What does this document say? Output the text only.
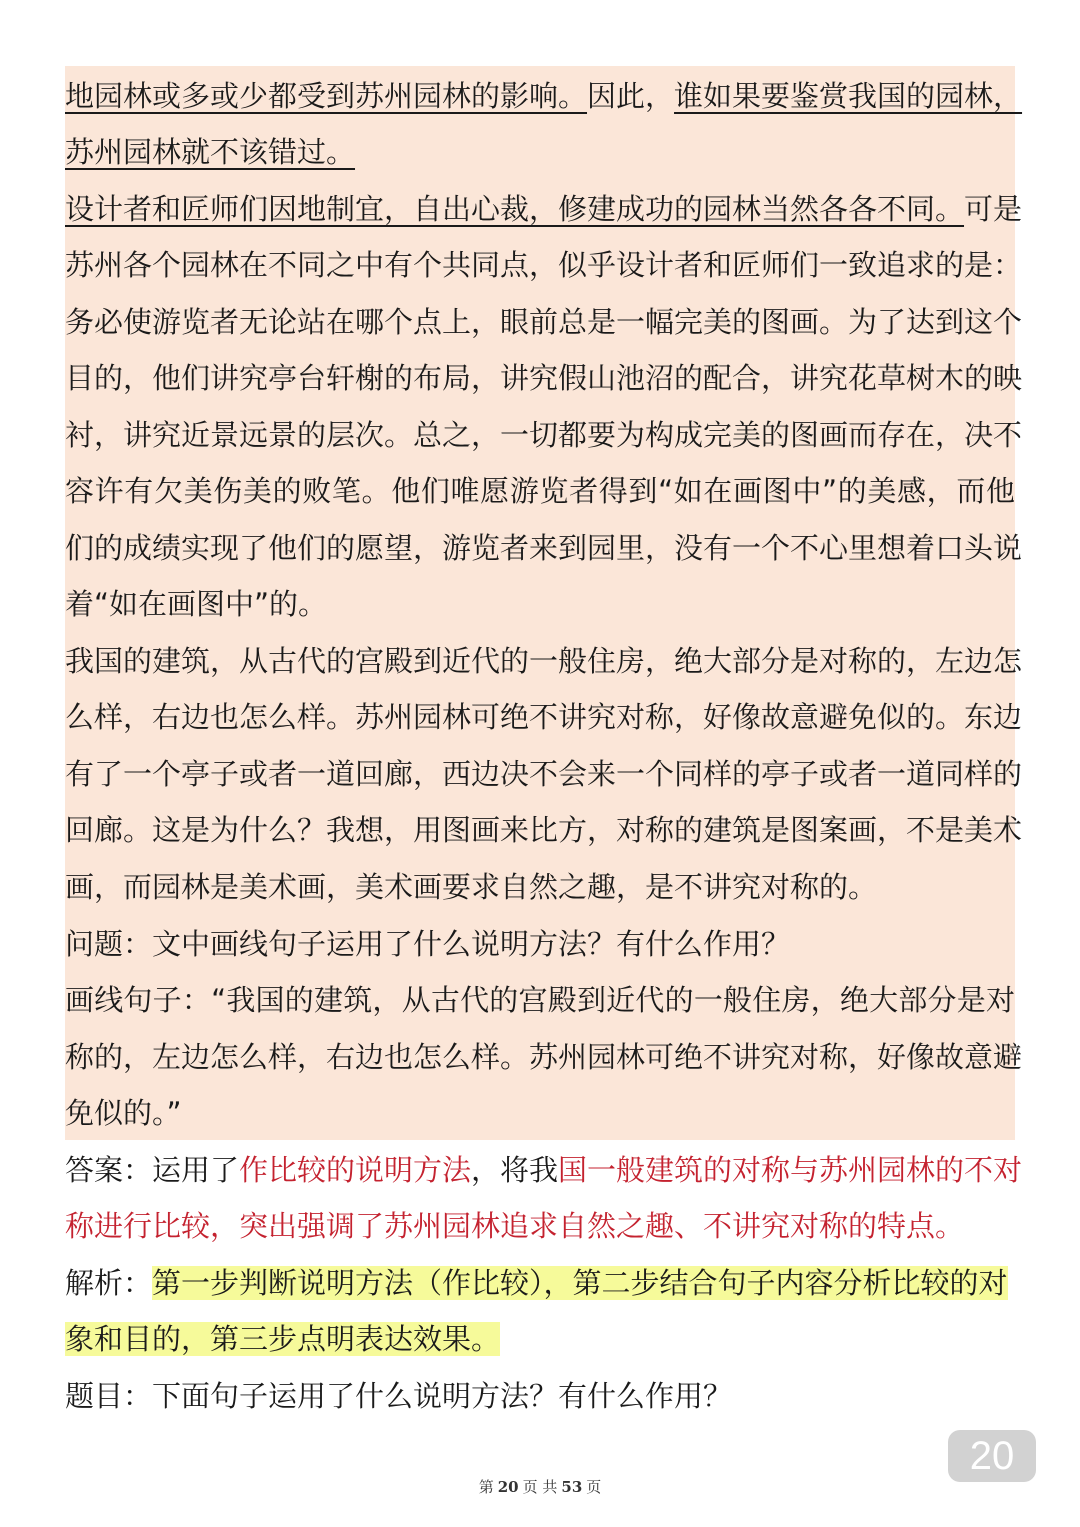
地园林或多或少都受到苏州园林的影响。因此，谁如果要鉴赏我国的园林，
苏州园林就不该错过。
设计者和匠师们因地制宜，自出心裁，修建成功的园林当然各各不同。可是
苏州各个园林在不同之中有个共同点，似乎设计者和匠师们一致追求的是：
务必使游览者无论站在哪个点上，眼前总是一幅完美的图画。为了达到这个
目的，他们讲究亭台轩榭的布局，讲究假山池沼的配合，讲究花草树木的映
衬，讲究近景远景的层次。总之，一切都要为构成完美的图画而存在，决不
容许有欠美伤美的败笔。他们唯愿游览者得到“如在画图中”的美感，而他
们的成绩实现了他们的愿望，游览者来到园里，没有一个不心里想着口头说
着“如在画图中”的。
我国的建筑，从古代的宫殿到近代的一般住房，绝大部分是对称的，左边怎
么样，右边也怎么样。苏州园林可绝不讲究对称，好像故意避免似的。东边
有了一个亭子或者一道回廊，西边决不会来一个同样的亭子或者一道同样的
回廊。这是为什么？我想，用图画来比方，对称的建筑是图案画，不是美术
画，而园林是美术画，美术画要求自然之趣，是不讲究对称的。
问题：文中画线句子运用了什么说明方法？有什么作用？
画线句子：“我国的建筑，从古代的宫殿到近代的一般住房，绝大部分是对
称的，左边怎么样，右边也怎么样。苏州园林可绝不讲究对称，好像故意避
免似的。”
答案：运用了作比较的说明方法，将我国一般建筑的对称与苏州园林的不对
称进行比较，突出强调了苏州园林追求自然之趣、不讲究对称的特点。
解析：第一步判断说明方法（作比较），第二步结合句子内容分析比较的对
象和目的，第三步点明表达效果。
题目：下面句子运用了什么说明方法？有什么作用？
20
第 20 页 共 53 页
